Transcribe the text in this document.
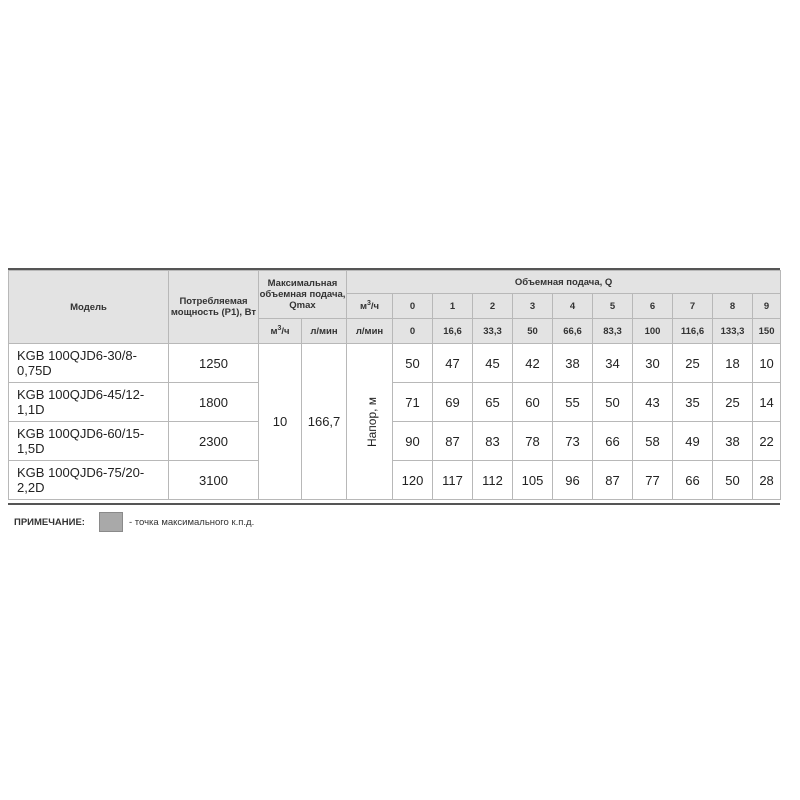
Модель	Потребляемая мощность (P1), Вт	Максимальная объемная подача, Qmax		Объемная подача, Q										
				$м^3/ч$	0	1	2	3	4	5	6	7	8	9
		$м^3/ч$	л/мин	л/мин	0	16,6	33,3	50	66,6	83,3	100	116,6	133,3	150
KGB 100QJD6-30/8-0,75D	1250	10	166,7	Напор, м	50	47	45	42	38	34	30	25	18	10
KGB 100QJD6-45/12-1,1D	1800				71	69	65	60	55	50	43	35	25	14
KGB 100QJD6-60/15-1,5D	2300				90	87	83	78	73	66	58	49	38	22
KGB 100QJD6-75/20-2,2D	3100				120	117	112	105	96	87	77	66	50	28
ПРИМЕЧАНИЕ:	- точка максимального к.п.д.
